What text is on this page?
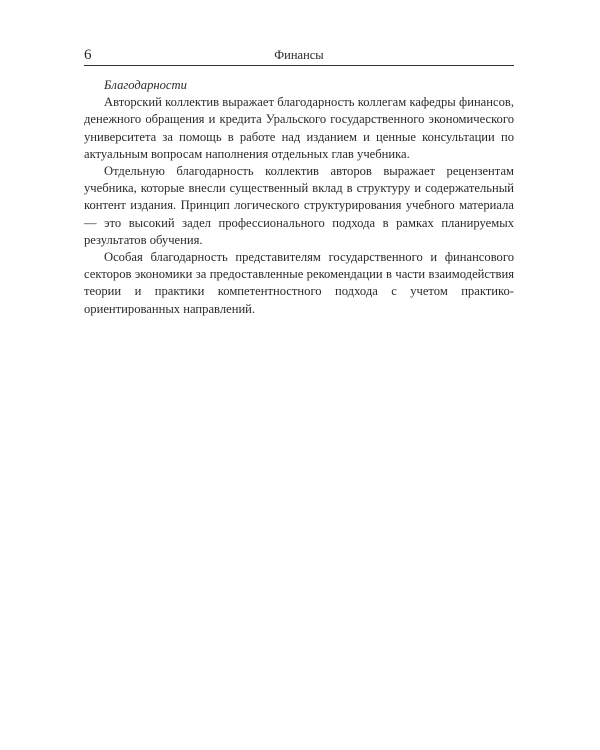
6	Финансы
Благодарности

Авторский коллектив выражает благодарность коллегам кафедры финансов, денежного обращения и кредита Уральского государственного экономического университета за помощь в работе над изданием и ценные консультации по актуальным вопросам наполнения отдельных глав учебника.

Отдельную благодарность коллектив авторов выражает рецензентам учебника, которые внесли существенный вклад в структуру и содержательный контент издания. Принцип логического структурирования учебного материала — это высокий задел профессионального подхода в рамках планируемых результатов обучения.

Особая благодарность представителям государственного и финансового секторов экономики за предоставленные рекомендации в части взаимодействия теории и практики компетентностного подхода с учетом практико-ориентированных направлений.
